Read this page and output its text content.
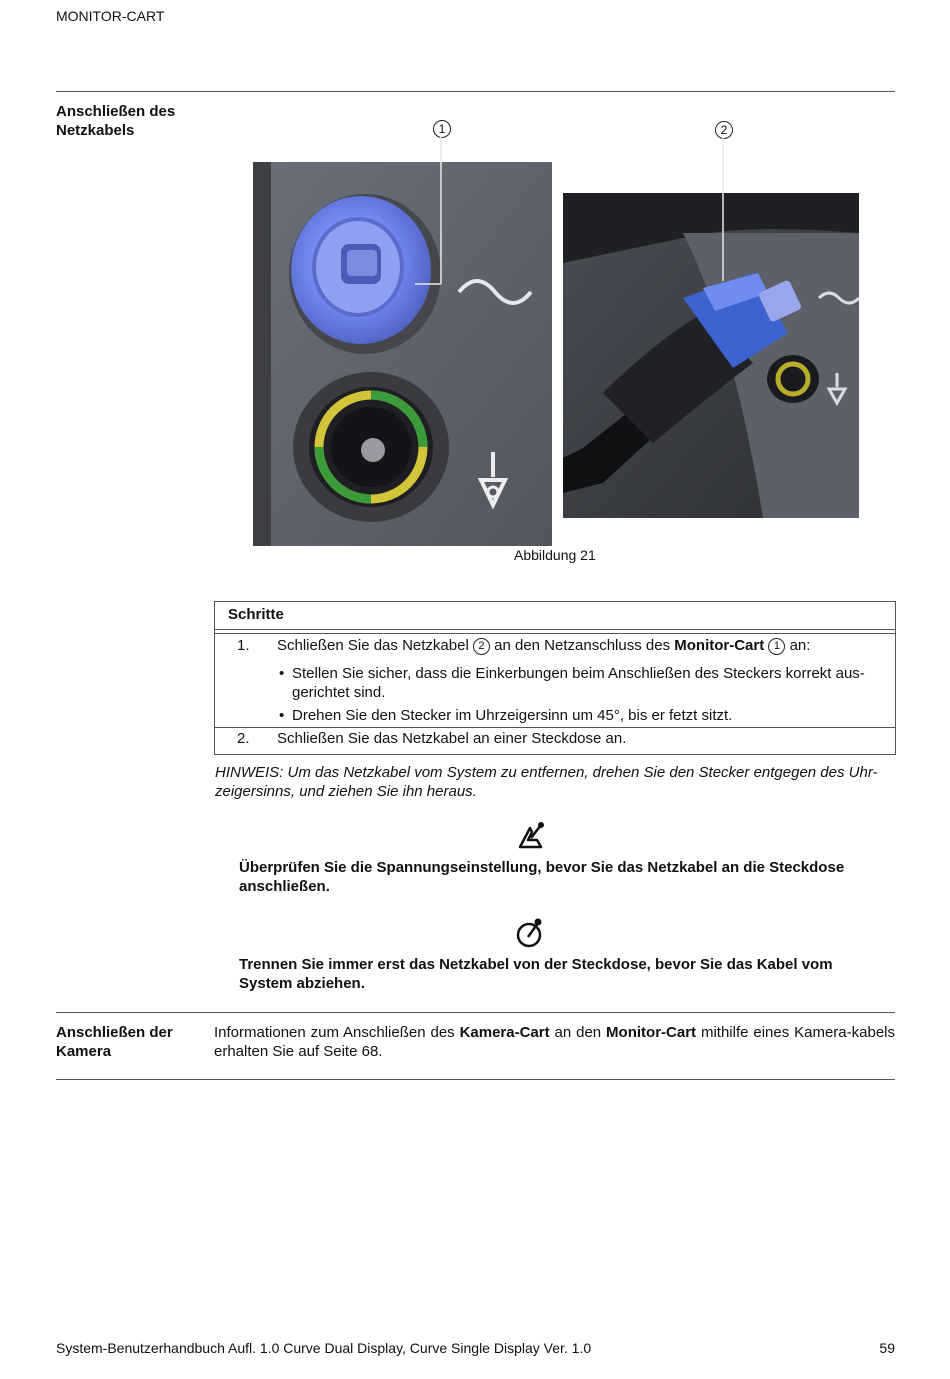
MONITOR-CART
Anschließen des
Netzkabels	1	2
Abbildung 21
Schritte
1. Schließen Sie das Netzkabel 2 an den Netzanschluss des Monitor-Cart 1 an:
• Stellen Sie sicher, dass die Einkerbungen beim Anschließen des Steckers korrekt aus-gerichtet sind.
• Drehen Sie den Stecker im Uhrzeigersinn um 45°, bis er fetzt sitzt.
2. Schließen Sie das Netzkabel an einer Steckdose an.
HINWEIS: Um das Netzkabel vom System zu entfernen, drehen Sie den Stecker entgegen des Uhr-zeigersinns, und ziehen Sie ihn heraus.
Überprüfen Sie die Spannungseinstellung, bevor Sie das Netzkabel an die Steckdose anschließen.
Trennen Sie immer erst das Netzkabel von der Steckdose, bevor Sie das Kabel vom System abziehen.
Anschließen der
Kamera
Informationen zum Anschließen des Kamera-Cart an den Monitor-Cart mithilfe eines Kamera-kabels erhalten Sie auf Seite 68.
System-Benutzerhandbuch Aufl. 1.0 Curve Dual Display, Curve Single Display Ver. 1.0	59
